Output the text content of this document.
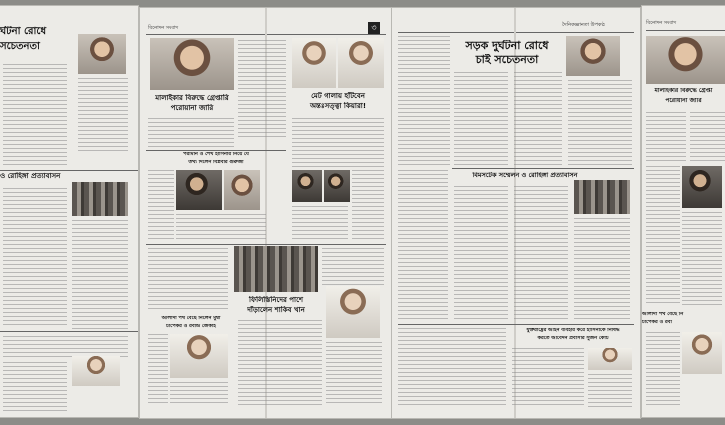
র্ঘটনা রোধে
সচেতনতা
ও রোহিঙ্গা প্রত্যাবাসন
বিনোদন সংবাদ	৩
মালাইকার বিরুদ্ধে গ্রেপ্তারি
পরোয়ানা জারি
মেট গালায় হাঁটবেন
অন্তঃসত্ত্বা কিয়ারা!
পরীমনি ও শেখ হাসিনার নিয়ে যে
তথ্য দিলেন বিপ্লবীর গুরুজী
ফিলিস্তিনিদের পাশে
দাঁড়ালেন শাকিব খান
আলাদা পথ বেছে নিলেন মুম্বা
চাপেকর ও রবীন্দ্র জেকাই
দৈনিকজ্ঞানতা উপকণ্ঠ
সড়ক দুর্ঘটনা রোধে
চাই সচেতনতা
বিমসটেক সম্মেলন ও রোহিঙ্গা প্রত্যাবাসন
যুক্তরাষ্ট্রের আইন ব্যবহার করে হাসিনাকে নিষিদ্ধ
করতে আবেদন প্রবাসীর সুজন কোচ
বিনোদন সংবাদ
মালাইকার বিরুদ্ধে গ্রেপ্তা
পরোয়ানা জারি
আলাদা পথ বেছে নি
চাপেকর ও রবী
